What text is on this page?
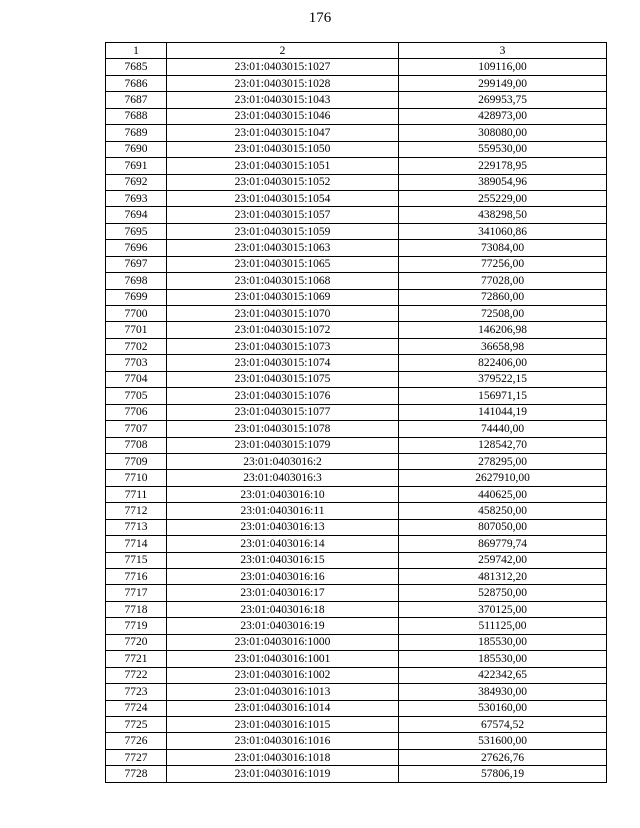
176
1	2	3
7685	23:01:0403015:1027	109116,00
7686	23:01:0403015:1028	299149,00
7687	23:01:0403015:1043	269953,75
7688	23:01:0403015:1046	428973,00
7689	23:01:0403015:1047	308080,00
7690	23:01:0403015:1050	559530,00
7691	23:01:0403015:1051	229178,95
7692	23:01:0403015:1052	389054,96
7693	23:01:0403015:1054	255229,00
7694	23:01:0403015:1057	438298,50
7695	23:01:0403015:1059	341060,86
7696	23:01:0403015:1063	73084,00
7697	23:01:0403015:1065	77256,00
7698	23:01:0403015:1068	77028,00
7699	23:01:0403015:1069	72860,00
7700	23:01:0403015:1070	72508,00
7701	23:01:0403015:1072	146206,98
7702	23:01:0403015:1073	36658,98
7703	23:01:0403015:1074	822406,00
7704	23:01:0403015:1075	379522,15
7705	23:01:0403015:1076	156971,15
7706	23:01:0403015:1077	141044,19
7707	23:01:0403015:1078	74440,00
7708	23:01:0403015:1079	128542,70
7709	23:01:0403016:2	278295,00
7710	23:01:0403016:3	2627910,00
7711	23:01:0403016:10	440625,00
7712	23:01:0403016:11	458250,00
7713	23:01:0403016:13	807050,00
7714	23:01:0403016:14	869779,74
7715	23:01:0403016:15	259742,00
7716	23:01:0403016:16	481312,20
7717	23:01:0403016:17	528750,00
7718	23:01:0403016:18	370125,00
7719	23:01:0403016:19	511125,00
7720	23:01:0403016:1000	185530,00
7721	23:01:0403016:1001	185530,00
7722	23:01:0403016:1002	422342,65
7723	23:01:0403016:1013	384930,00
7724	23:01:0403016:1014	530160,00
7725	23:01:0403016:1015	67574,52
7726	23:01:0403016:1016	531600,00
7727	23:01:0403016:1018	27626,76
7728	23:01:0403016:1019	57806,19
